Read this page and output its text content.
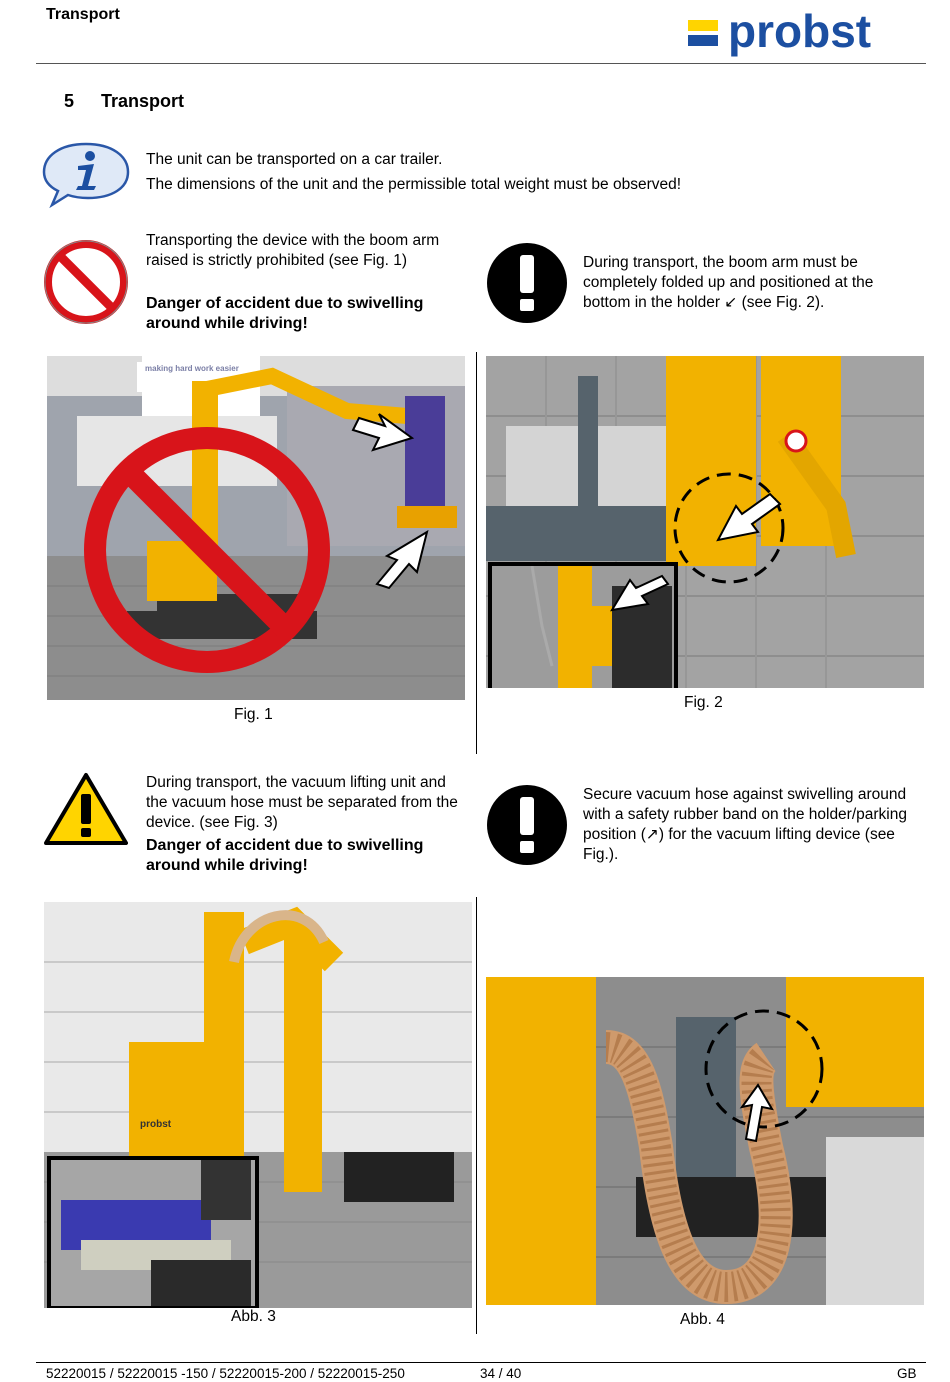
Transport	probst
5 Transport
The unit can be transported on a car trailer.
The dimensions of the unit and the permissible total weight must be observed!
Transporting the device with the boom arm raised is strictly prohibited (see Fig. 1)
Danger of accident due to swivelling around while driving!
During transport, the boom arm must be completely folded up and positioned at the bottom in the holder ↙ (see Fig. 2).
making hard work easier
Fig. 1
Fig. 2
During transport, the vacuum lifting unit and the vacuum hose must be separated from the device. (see Fig. 3)
Danger of accident due to swivelling around while driving!
Secure vacuum hose against swivelling around with a safety rubber band on the holder/parking position (↗) for the vacuum lifting device (see Fig.).
probst
Abb. 3	Abb. 4
52220015 / 52220015 -150 / 52220015-200 / 52220015-250	34 / 40	GB
